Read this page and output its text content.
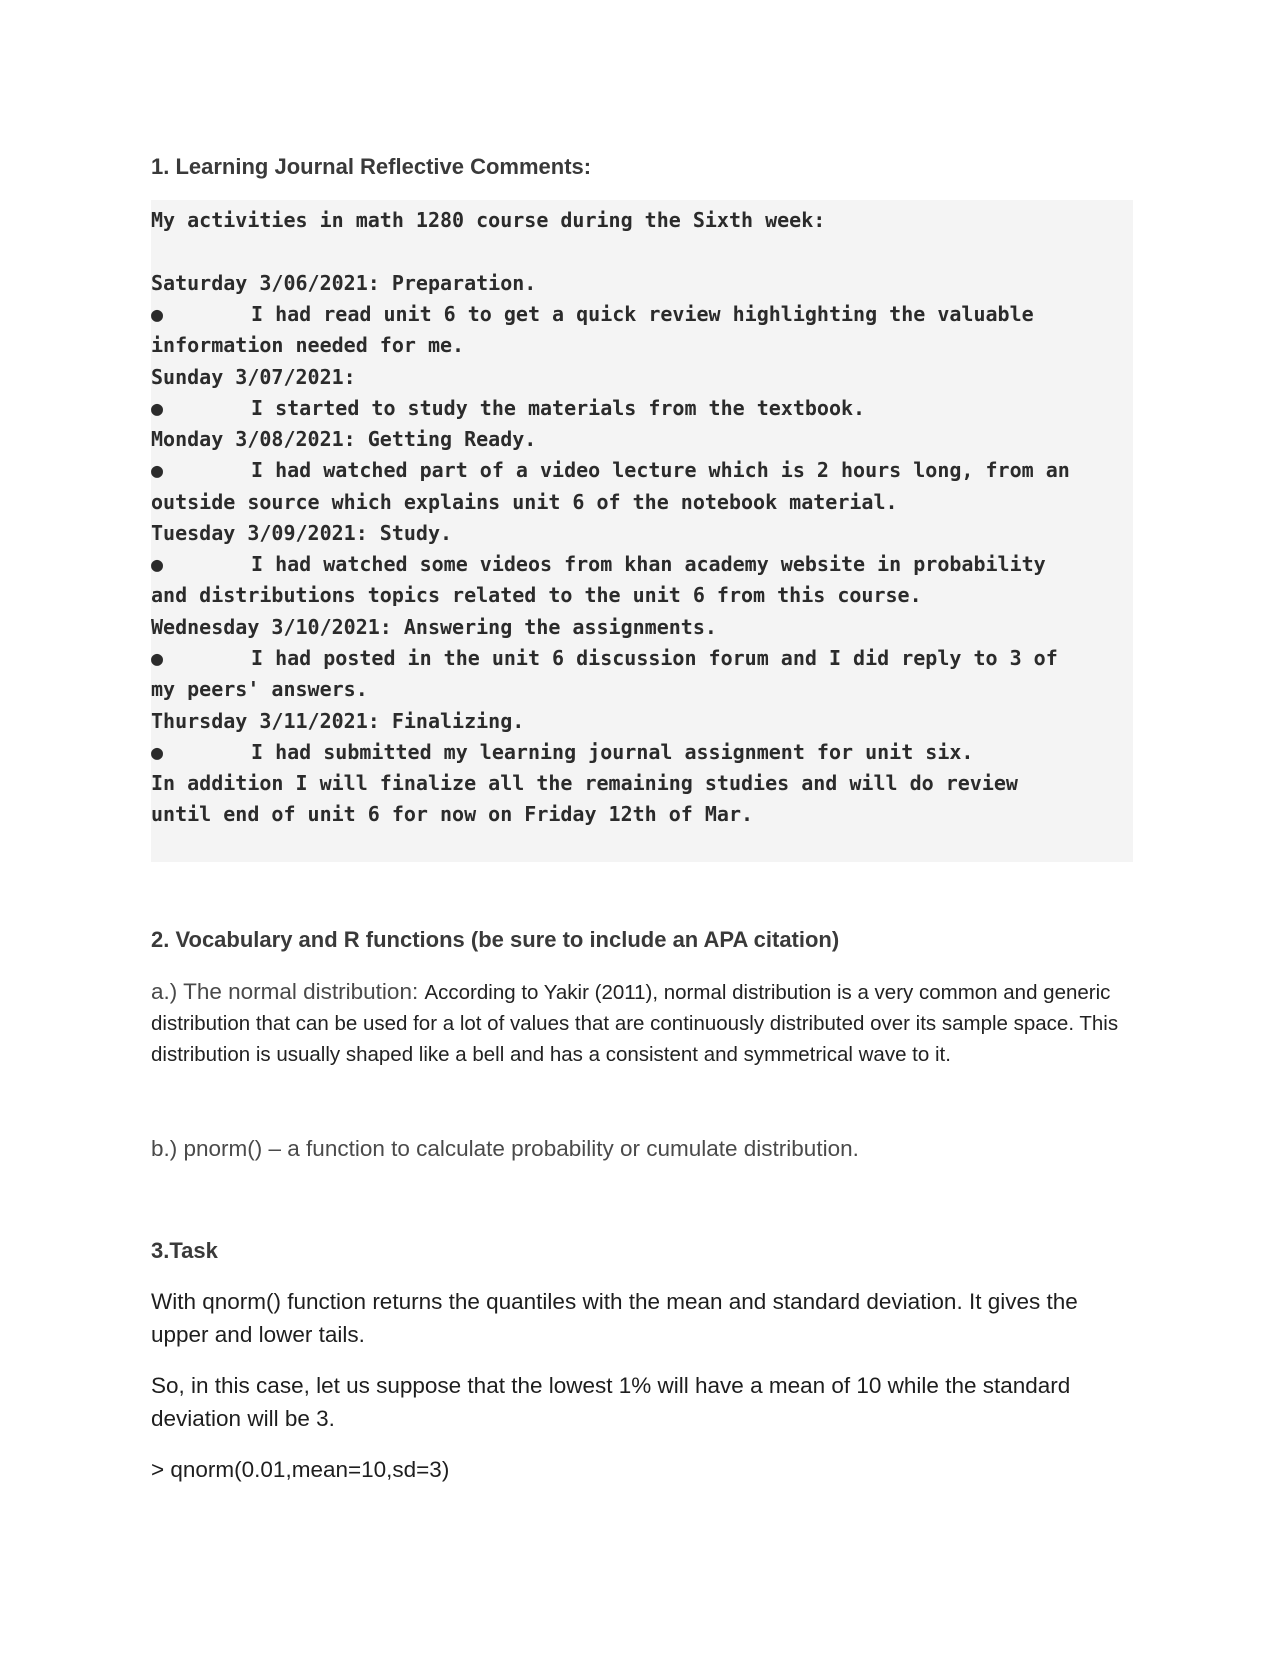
1. Learning Journal Reflective Comments:
My activities in math 1280 course during the Sixth week:
Saturday 3/06/2021: Preparation.
●	I had read unit 6 to get a quick review highlighting the valuable
information needed for me.
Sunday 3/07/2021:
●	I started to study the materials from the textbook.
Monday 3/08/2021: Getting Ready.
●	I had watched part of a video lecture which is 2 hours long, from an
outside source which explains unit 6 of the notebook material.
Tuesday 3/09/2021: Study.
●	I had watched some videos from khan academy website in probability
and distributions topics related to the unit 6 from this course.
Wednesday 3/10/2021: Answering the assignments.
●	I had posted in the unit 6 discussion forum and I did reply to 3 of
my peers' answers.
Thursday 3/11/2021: Finalizing.
●	I had submitted my learning journal assignment for unit six.
In addition I will finalize all the remaining studies and will do review
until end of unit 6 for now on Friday 12th of Mar.
2. Vocabulary and R functions (be sure to include an APA citation)
a.) The normal distribution: According to Yakir (2011), normal distribution is a very common and generic distribution that can be used for a lot of values that are continuously distributed over its sample space. This distribution is usually shaped like a bell and has a consistent and symmetrical wave to it.
b.) pnorm() – a function to calculate probability or cumulate distribution.
3.Task
With qnorm() function returns the quantiles with the mean and standard deviation. It gives the upper and lower tails.
So, in this case, let us suppose that the lowest 1% will have a mean of 10 while the standard deviation will be 3.
> qnorm(0.01,mean=10,sd=3)
